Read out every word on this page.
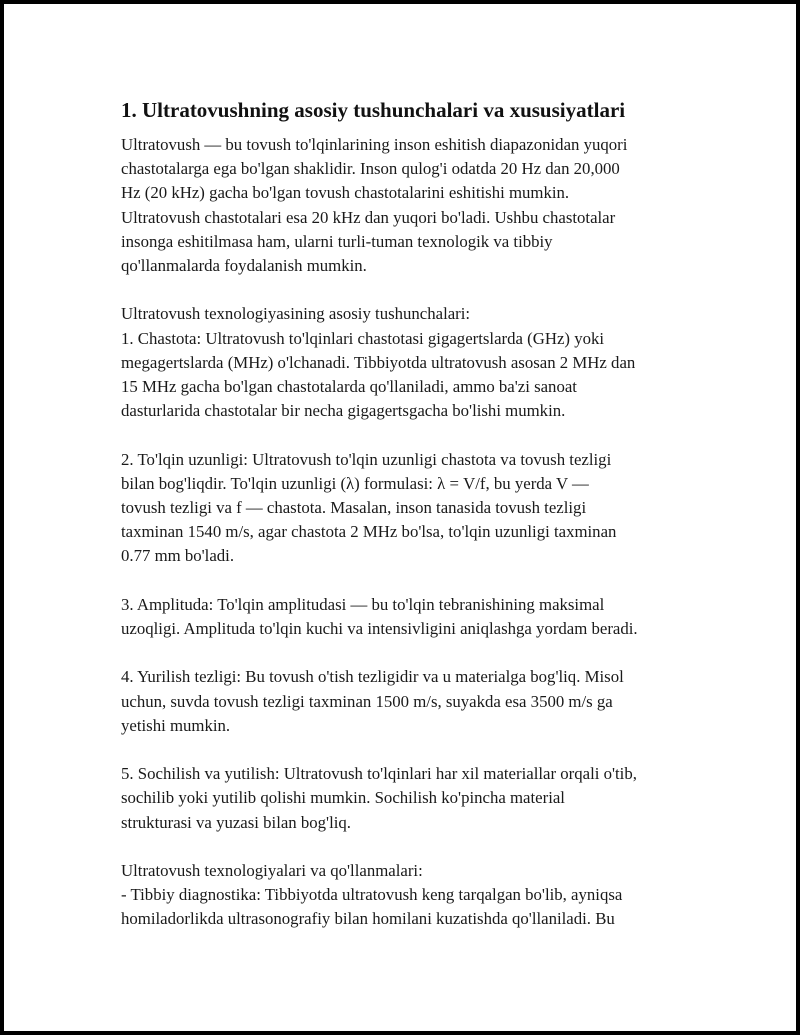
1. Ultratovushning asosiy tushunchalari va xususiyatlari
Ultratovush — bu tovush to'lqinlarining inson eshitish diapazonidan yuqori
chastotalarga ega bo'lgan shaklidir. Inson qulog'i odatda 20 Hz dan 20,000
Hz (20 kHz) gacha bo'lgan tovush chastotalarini eshitishi mumkin.
Ultratovush chastotalari esa 20 kHz dan yuqori bo'ladi. Ushbu chastotalar
insonga eshitilmasa ham, ularni turli-tuman texnologik va tibbiy
qo'llanmalarda foydalanish mumkin.
Ultratovush texnologiyasining asosiy tushunchalari:
1. Chastota: Ultratovush to'lqinlari chastotasi gigagertslarda (GHz) yoki
megagertslarda (MHz) o'lchanadi. Tibbiyotda ultratovush asosan 2 MHz dan
15 MHz gacha bo'lgan chastotalarda qo'llaniladi, ammo ba'zi sanoat
dasturlarida chastotalar bir necha gigagertsgacha bo'lishi mumkin.
2. To'lqin uzunligi: Ultratovush to'lqin uzunligi chastota va tovush tezligi
bilan bog'liqdir. To'lqin uzunligi (λ) formulasi: λ = V/f, bu yerda V —
tovush tezligi va f — chastota. Masalan, inson tanasida tovush tezligi
taxminan 1540 m/s, agar chastota 2 MHz bo'lsa, to'lqin uzunligi taxminan
0.77 mm bo'ladi.
3. Amplituda: To'lqin amplitudasi — bu to'lqin tebranishining maksimal
uzoqligi. Amplituda to'lqin kuchi va intensivligini aniqlashga yordam beradi.
4. Yurilish tezligi: Bu tovush o'tish tezligidir va u materialga bog'liq. Misol
uchun, suvda tovush tezligi taxminan 1500 m/s, suyakda esa 3500 m/s ga
yetishi mumkin.
5. Sochilish va yutilish: Ultratovush to'lqinlari har xil materiallar orqali o'tib,
sochilib yoki yutilib qolishi mumkin. Sochilish ko'pincha material
strukturasi va yuzasi bilan bog'liq.
Ultratovush texnologiyalari va qo'llanmalari:
- Tibbiy diagnostika: Tibbiyotda ultratovush keng tarqalgan bo'lib, ayniqsa
homiladorlikda ultrasonografiy bilan homilani kuzatishda qo'llaniladi. Bu
